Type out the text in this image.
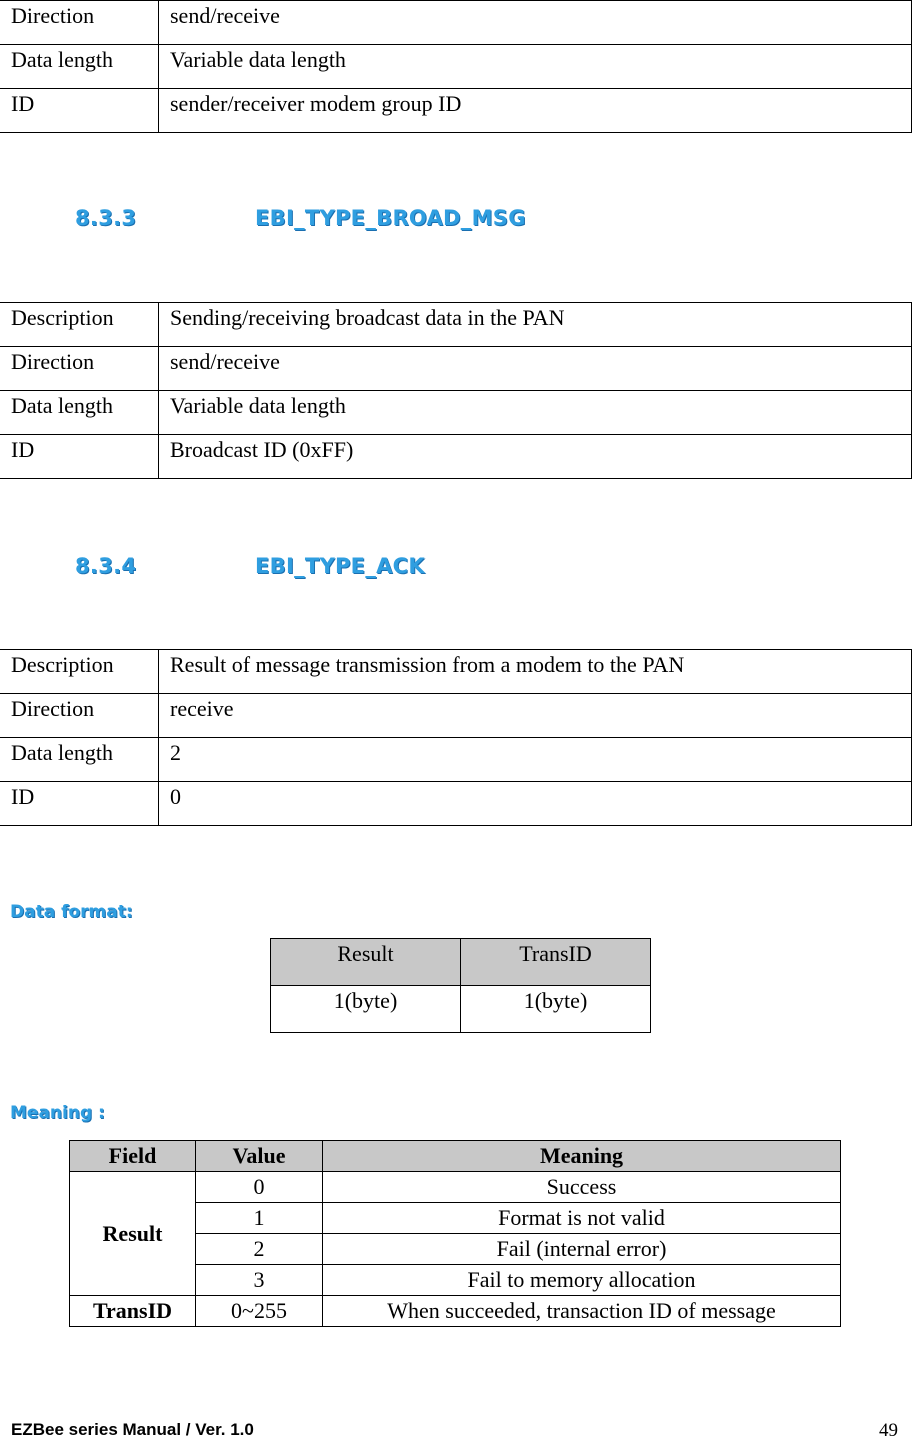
Direction	send/receive
Data length	Variable data length
ID	sender/receiver modem group ID
8.3.3	EBI_TYPE_BROAD_MSG
Description	Sending/receiving broadcast data in the PAN
Direction	send/receive
Data length	Variable data length
ID	Broadcast ID (0xFF)
8.3.4	EBI_TYPE_ACK
Description	Result of message transmission from a modem to the PAN
Direction	receive
Data length	2
ID	0
Data format:
Result	TransID
1(byte)	1(byte)
Meaning :
Field	Value	Meaning
Result	0	Success
	1	Format is not valid
	2	Fail (internal error)
	3	Fail to memory allocation
TransID	0~255	When succeeded, transaction ID of message
EZBee series Manual / Ver. 1.0	49
